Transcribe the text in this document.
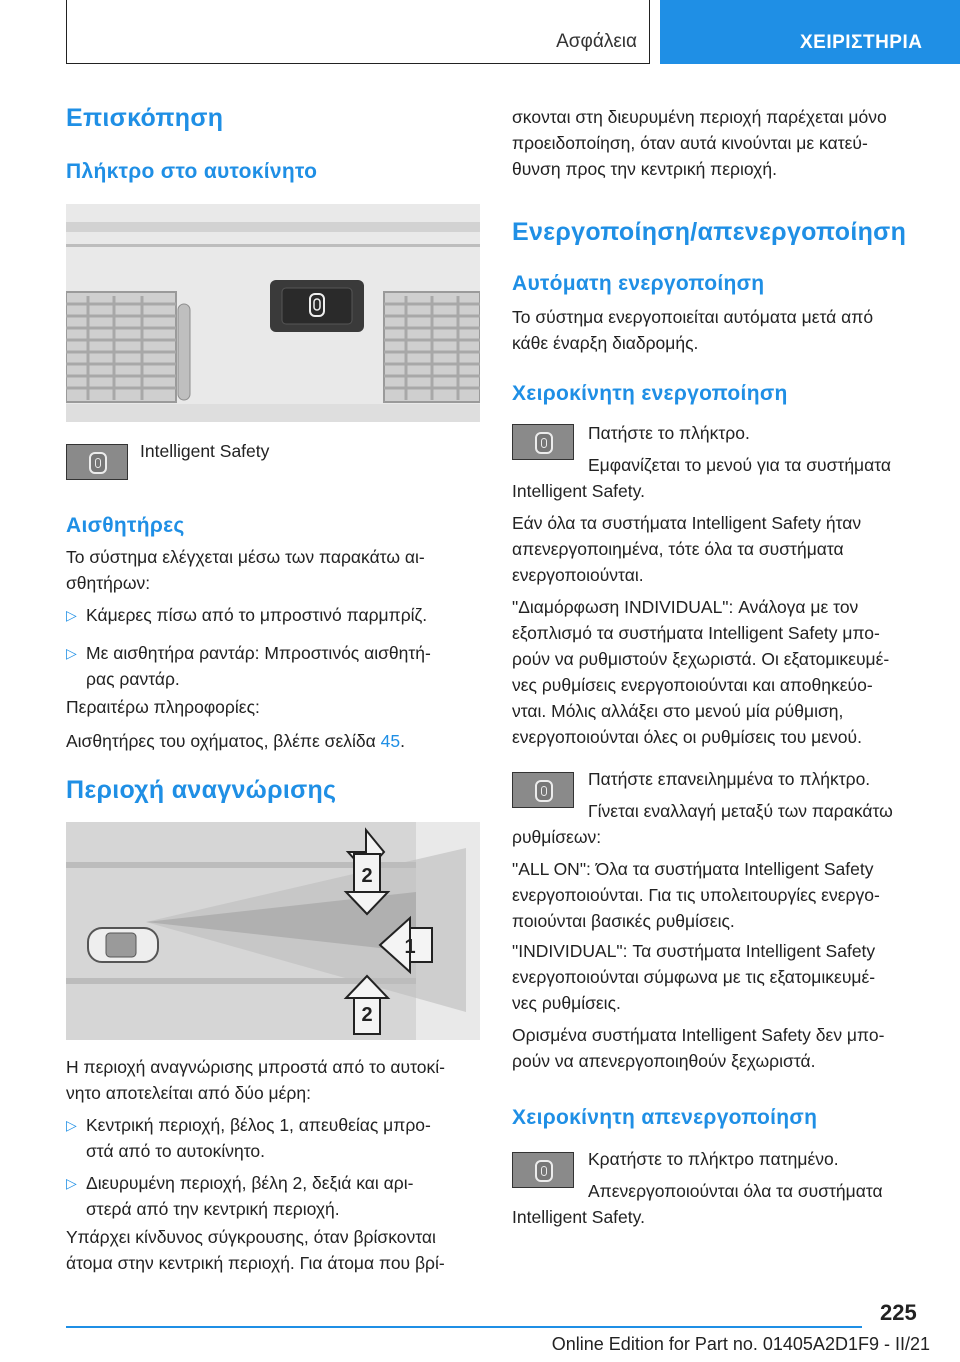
Ασφάλεια	ΧΕΙΡΙΣΤΗΡΙΑ
Επισκόπηση
Πλήκτρο στο αυτοκίνητο
Intelligent Safety
Αισθητήρες
Το σύστημα ελέγχεται μέσω των παρακάτω αι-
σθητήρων:
▷ Κάμερες πίσω από το μπροστινό παρμπρίζ.
▷ Με αισθητήρα ραντάρ: Μπροστινός αισθητή-
ρας ραντάρ.
Περαιτέρω πληροφορίες:
Αισθητήρες του οχήματος, βλέπε σελίδα 45.
Περιοχή αναγνώρισης
2
1
2
Η περιοχή αναγνώρισης μπροστά από το αυτοκί-
νητο αποτελείται από δύο μέρη:
▷ Κεντρική περιοχή, βέλος 1, απευθείας μπρο-
στά από το αυτοκίνητο.
▷ Διευρυμένη περιοχή, βέλη 2, δεξιά και αρι-
στερά από την κεντρική περιοχή.
Υπάρχει κίνδυνος σύγκρουσης, όταν βρίσκονται
άτομα στην κεντρική περιοχή. Για άτομα που βρί-
σκονται στη διευρυμένη περιοχή παρέχεται μόνο
προειδοποίηση, όταν αυτά κινούνται με κατεύ-
θυνση προς την κεντρική περιοχή.
Ενεργοποίηση/απενεργοποίηση
Αυτόματη ενεργοποίηση
Το σύστημα ενεργοποιείται αυτόματα μετά από
κάθε έναρξη διαδρομής.
Χειροκίνητη ενεργοποίηση
Πατήστε το πλήκτρο.
Εμφανίζεται το μενού για τα συστήματα
Intelligent Safety.
Εάν όλα τα συστήματα Intelligent Safety ήταν
απενεργοποιημένα, τότε όλα τα συστήματα
ενεργοποιούνται.
"Διαμόρφωση INDIVIDUAL": Ανάλογα με τον
εξοπλισμό τα συστήματα Intelligent Safety μπο-
ρούν να ρυθμιστούν ξεχωριστά. Οι εξατομικευμέ-
νες ρυθμίσεις ενεργοποιούνται και αποθηκεύο-
νται. Μόλις αλλάξει στο μενού μία ρύθμιση,
ενεργοποιούνται όλες οι ρυθμίσεις του μενού.
Πατήστε επανειλημμένα το πλήκτρο.
Γίνεται εναλλαγή μεταξύ των παρακάτω
ρυθμίσεων:
"ALL ON": Όλα τα συστήματα Intelligent Safety
ενεργοποιούνται. Για τις υπολειτουργίες ενεργο-
ποιούνται βασικές ρυθμίσεις.
"INDIVIDUAL": Τα συστήματα Intelligent Safety
ενεργοποιούνται σύμφωνα με τις εξατομικευμέ-
νες ρυθμίσεις.
Ορισμένα συστήματα Intelligent Safety δεν μπο-
ρούν να απενεργοποιηθούν ξεχωριστά.
Χειροκίνητη απενεργοποίηση
Κρατήστε το πλήκτρο πατημένο.
Απενεργοποιούνται όλα τα συστήματα
Intelligent Safety.
225
Online Edition for Part no. 01405A2D1F9 - II/21
